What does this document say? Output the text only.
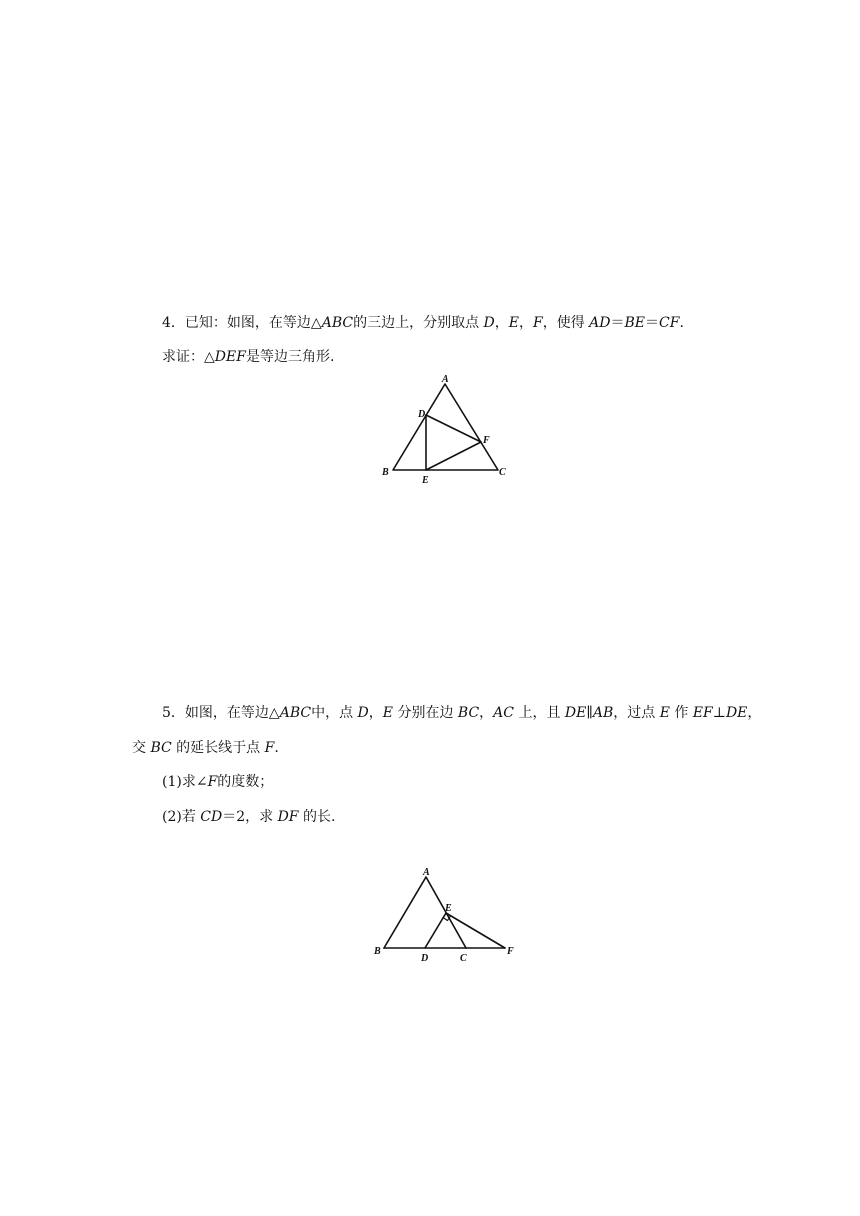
4．已知：如图，在等边△ABC的三边上，分别取点 D，E，F，使得 AD＝BE＝CF.
求证：△DEF是等边三角形.
A
D
F
B
E
C
5．如图，在等边△ABC中，点 D，E 分别在边 BC，AC 上，且 DE∥AB，过点 E 作 EF⊥DE，
交 BC 的延长线于点 F.
(1)求∠F的度数；
(2)若 CD＝2，求 DF 的长.
A
E
B
D	C
F
